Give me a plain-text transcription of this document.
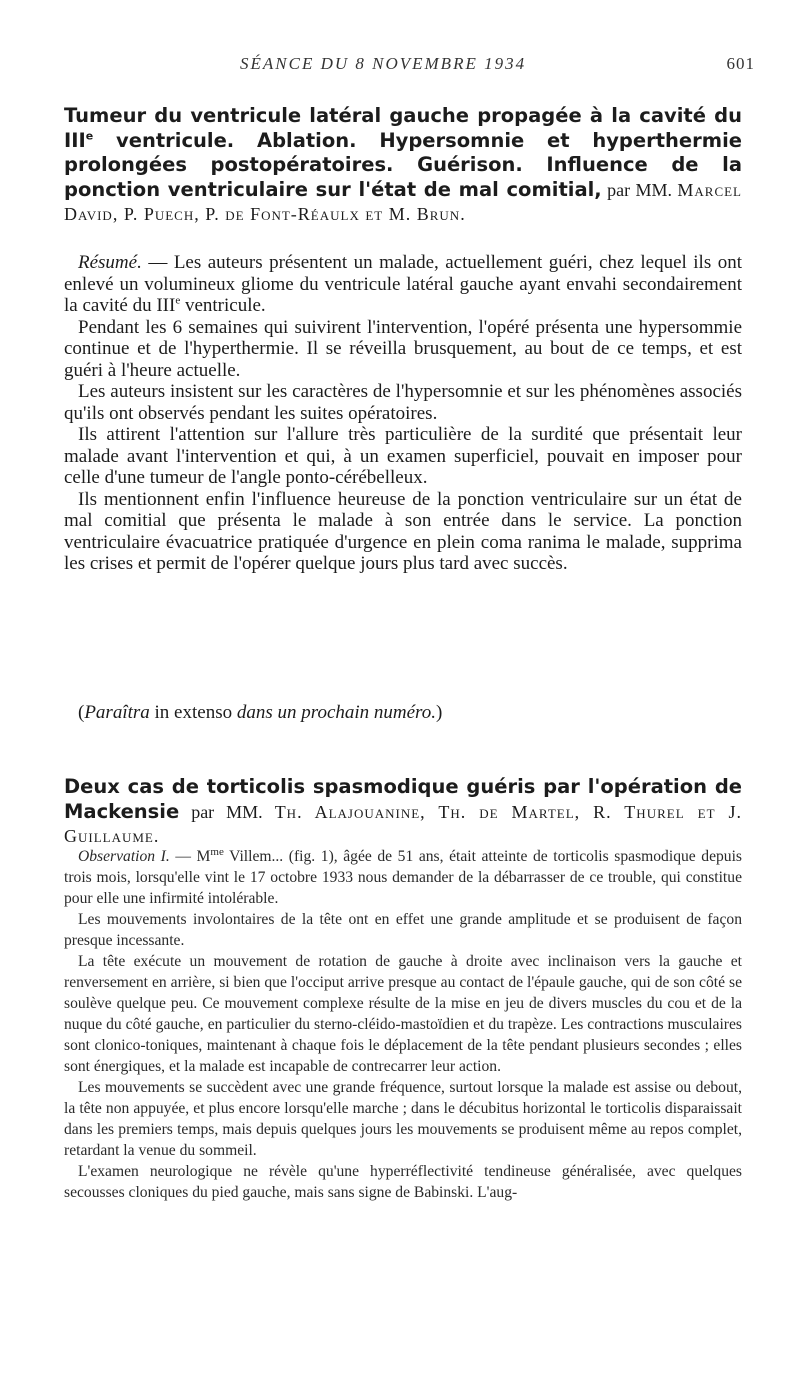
SÉANCE DU 8 NOVEMBRE 1934	601

Tumeur du ventricule latéral gauche propagée à la cavité du IIIe ventricule. Ablation. Hypersomnie et hyperthermie prolongées postopératoires. Guérison. Influence de la ponction ventriculaire sur l'état de mal comitial, par MM. Marcel David, P. Puech, P. de Font-Réaulx et M. Brun.

Résumé. — Les auteurs présentent un malade, actuellement guéri, chez lequel ils ont enlevé un volumineux gliome du ventricule latéral gauche ayant envahi secondairement la cavité du IIIe ventricule.

Pendant les 6 semaines qui suivirent l'intervention, l'opéré présenta une hypersommie continue et de l'hyperthermie. Il se réveilla brusquement, au bout de ce temps, et est guéri à l'heure actuelle.

Les auteurs insistent sur les caractères de l'hypersomnie et sur les phénomènes associés qu'ils ont observés pendant les suites opératoires.

Ils attirent l'attention sur l'allure très particulière de la surdité que présentait leur malade avant l'intervention et qui, à un examen superficiel, pouvait en imposer pour celle d'une tumeur de l'angle ponto-cérébelleux.

Ils mentionnent enfin l'influence heureuse de la ponction ventriculaire sur un état de mal comitial que présenta le malade à son entrée dans le service. La ponction ventriculaire évacuatrice pratiquée d'urgence en plein coma ranima le malade, supprima les crises et permit de l'opérer quelque jours plus tard avec succès.

(Paraîtra in extenso dans un prochain numéro.)

Deux cas de torticolis spasmodique guéris par l'opération de Mackensie par MM. Th. Alajouanine, Th. de Martel, R. Thurel et J. Guillaume.

Observation I. — $M^{me}$ Villem... (fig. 1), âgée de 51 ans, était atteinte de torticolis spasmodique depuis trois mois, lorsqu'elle vint le 17 octobre 1933 nous demander de la débarrasser de ce trouble, qui constitue pour elle une infirmité intolérable.

Les mouvements involontaires de la tête ont en effet une grande amplitude et se produisent de façon presque incessante.

La tête exécute un mouvement de rotation de gauche à droite avec inclinaison vers la gauche et renversement en arrière, si bien que l'occiput arrive presque au contact de l'épaule gauche, qui de son côté se soulève quelque peu. Ce mouvement complexe résulte de la mise en jeu de divers muscles du cou et de la nuque du côté gauche, en particulier du sterno-cléido-mastoïdien et du trapèze. Les contractions musculaires sont clonico-toniques, maintenant à chaque fois le déplacement de la tête pendant plusieurs secondes ; elles sont énergiques, et la malade est incapable de contrecarrer leur action.

Les mouvements se succèdent avec une grande fréquence, surtout lorsque la malade est assise ou debout, la tête non appuyée, et plus encore lorsqu'elle marche ; dans le décubitus horizontal le torticolis disparaissait dans les premiers temps, mais depuis quelques jours les mouvements se produisent même au repos complet, retardant la venue du sommeil.

L'examen neurologique ne révèle qu'une hyperréflectivité tendineuse généralisée, avec quelques secousses cloniques du pied gauche, mais sans signe de Babinski. L'aug-
